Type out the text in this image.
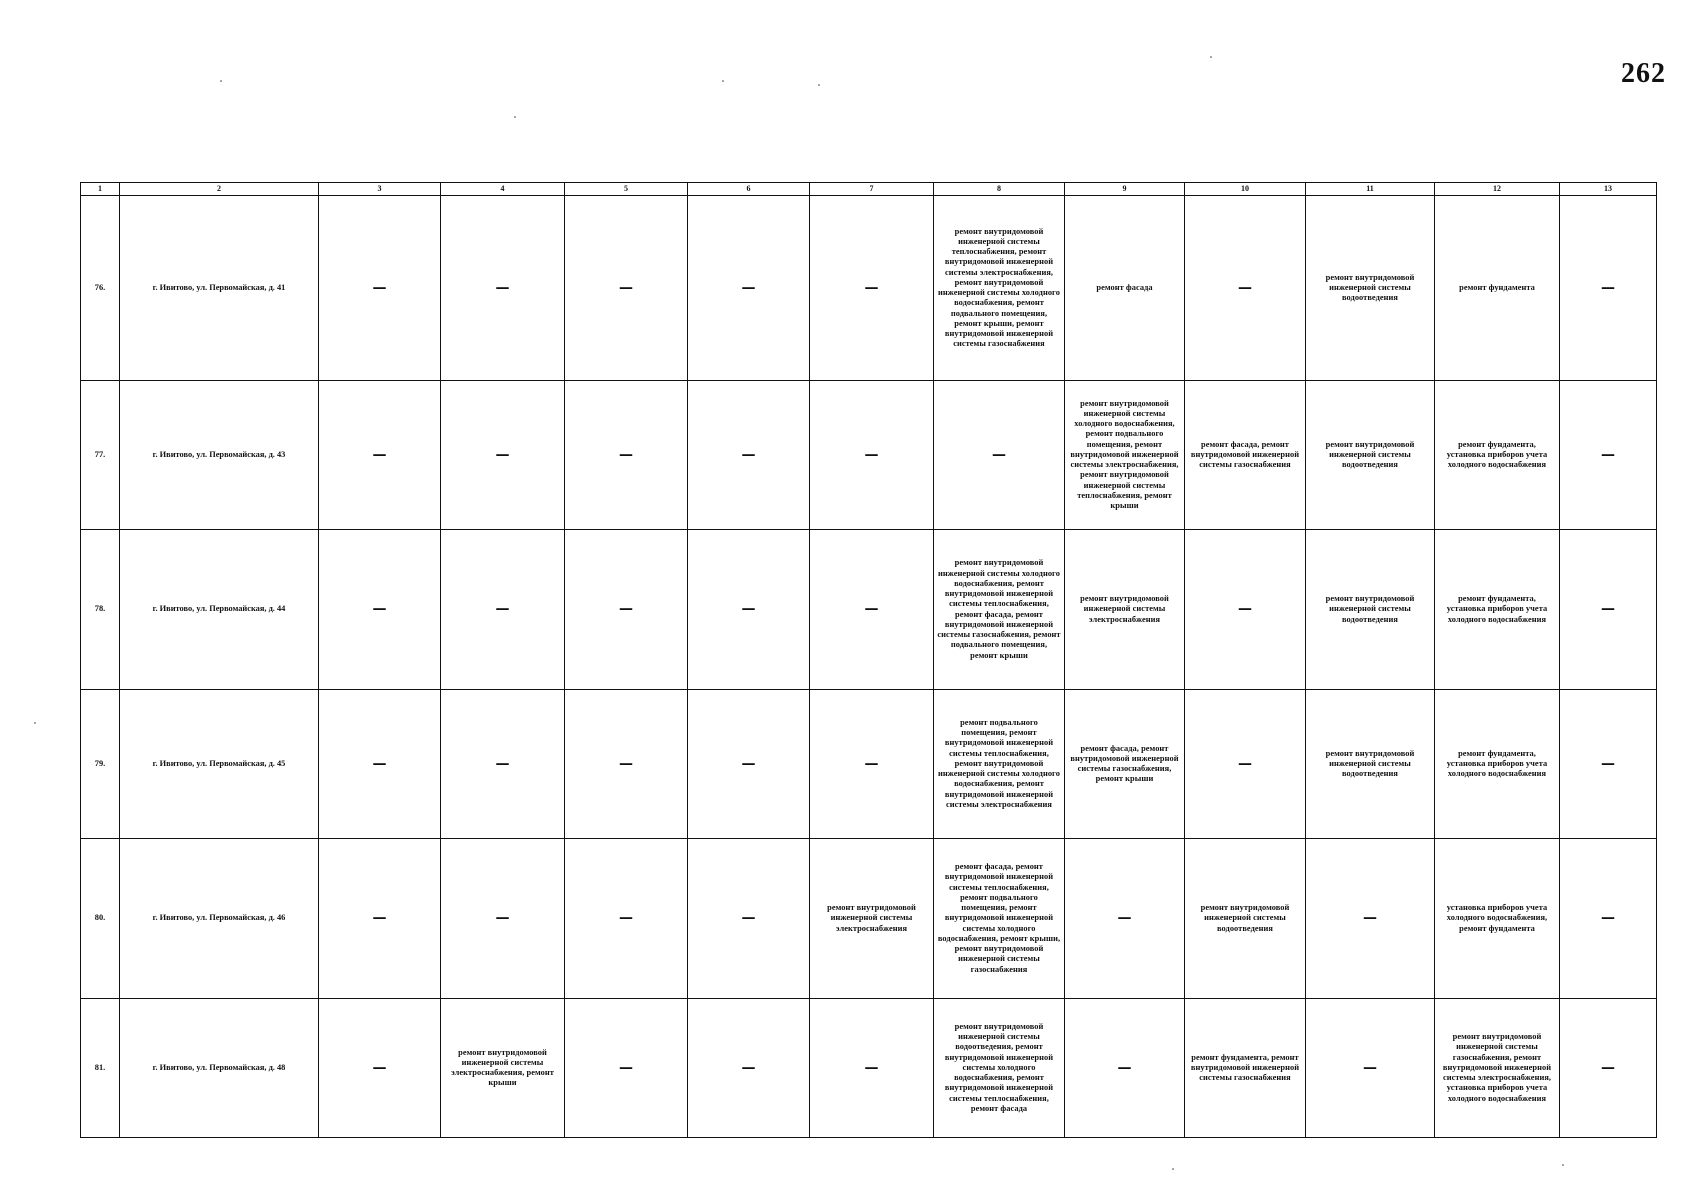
262
1	2	3	4	5	6	7	8	9	10	11	12	13
76.	г. Ивитово, ул. Первомайская, д. 41	—	—	—	—	—	ремонт внутридомовой инженерной системы теплоснабжения, ремонт внутридомовой инженерной системы электроснабжения, ремонт внутридомовой инженерной системы холодного водоснабжения, ремонт подвального помещения, ремонт крыши, ремонт внутридомовой инженерной системы газоснабжения	ремонт фасада	—	ремонт внутридомовой инженерной системы водоотведения	ремонт фундамента	—
77.	г. Ивитово, ул. Первомайская, д. 43	—	—	—	—	—	—	ремонт внутридомовой инженерной системы холодного водоснабжения, ремонт подвального помещения, ремонт внутридомовой инженерной системы электроснабжения, ремонт внутридомовой инженерной системы теплоснабжения, ремонт крыши	ремонт фасада, ремонт внутридомовой инженерной системы газоснабжения	ремонт внутридомовой инженерной системы водоотведения	ремонт фундамента, установка приборов учета холодного водоснабжения	—
78.	г. Ивитово, ул. Первомайская, д. 44	—	—	—	—	—	ремонт внутридомовой инженерной системы холодного водоснабжения, ремонт внутридомовой инженерной системы теплоснабжения, ремонт фасада, ремонт внутридомовой инженерной системы газоснабжения, ремонт подвального помещения, ремонт крыши	ремонт внутридомовой инженерной системы электроснабжения	—	ремонт внутридомовой инженерной системы водоотведения	ремонт фундамента, установка приборов учета холодного водоснабжения	—
79.	г. Ивитово, ул. Первомайская, д. 45	—	—	—	—	—	ремонт подвального помещения, ремонт внутридомовой инженерной системы теплоснабжения, ремонт внутридомовой инженерной системы холодного водоснабжения, ремонт внутридомовой инженерной системы электроснабжения	ремонт фасада, ремонт внутридомовой инженерной системы газоснабжения, ремонт крыши	—	ремонт внутридомовой инженерной системы водоотведения	ремонт фундамента, установка приборов учета холодного водоснабжения	—
80.	г. Ивитово, ул. Первомайская, д. 46	—	—	—	—	ремонт внутридомовой инженерной системы электроснабжения	ремонт фасада, ремонт внутридомовой инженерной системы теплоснабжения, ремонт подвального помещения, ремонт внутридомовой инженерной системы холодного водоснабжения, ремонт крыши, ремонт внутридомовой инженерной системы газоснабжения	—	ремонт внутридомовой инженерной системы водоотведения	—	установка приборов учета холодного водоснабжения, ремонт фундамента	—
81.	г. Ивитово, ул. Первомайская, д. 48	—	ремонт внутридомовой инженерной системы электроснабжения, ремонт крыши	—	—	—	ремонт внутридомовой инженерной системы водоотведения, ремонт внутридомовой инженерной системы холодного водоснабжения, ремонт внутридомовой инженерной системы теплоснабжения, ремонт фасада	—	ремонт фундамента, ремонт внутридомовой инженерной системы газоснабжения	—	ремонт внутридомовой инженерной системы газоснабжения, ремонт внутридомовой инженерной системы электроснабжения, установка приборов учета холодного водоснабжения	—
